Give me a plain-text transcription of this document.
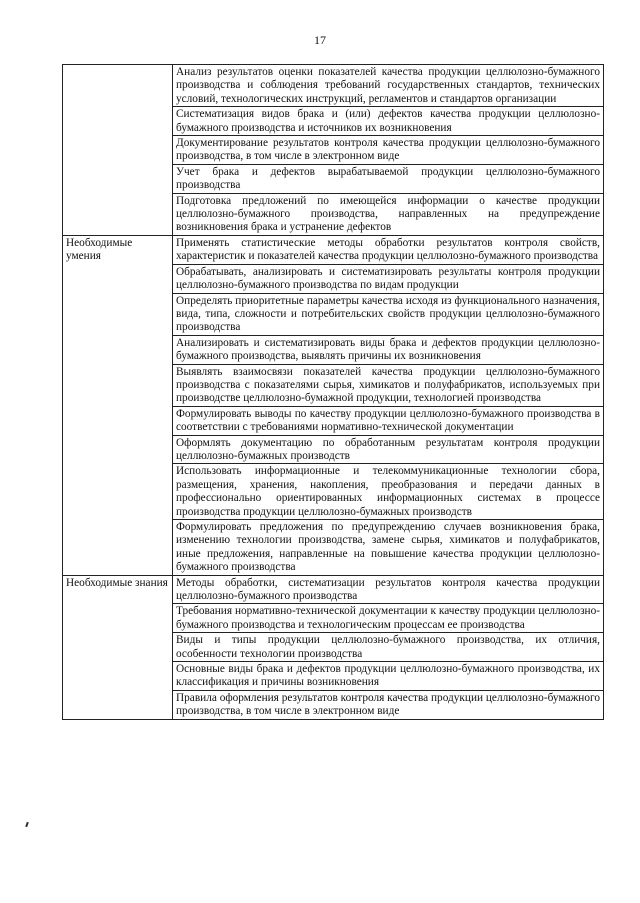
17
	Анализ результатов оценки показателей качества продукции целлюлозно-бумажного производства и соблюдения требований государственных стандартов, технических условий, технологических инструкций, регламентов и стандартов организации
	Систематизация видов брака и (или) дефектов качества продукции целлюлозно-бумажного производства и источников их возникновения
	Документирование результатов контроля качества продукции целлюлозно-бумажного производства, в том числе в электронном виде
	Учет брака и дефектов вырабатываемой продукции целлюлозно-бумажного производства
	Подготовка предложений по имеющейся информации о качестве продукции целлюлозно-бумажного производства, направленных на предупреждение возникновения брака и устранение дефектов
Необходимые умения	Применять статистические методы обработки результатов контроля свойств, характеристик и показателей качества продукции целлюлозно-бумажного производства
	Обрабатывать, анализировать и систематизировать результаты контроля продукции целлюлозно-бумажного производства по видам продукции
	Определять приоритетные параметры качества исходя из функционального назначения, вида, типа, сложности и потребительских свойств продукции целлюлозно-бумажного производства
	Анализировать и систематизировать виды брака и дефектов продукции целлюлозно-бумажного производства, выявлять причины их возникновения
	Выявлять взаимосвязи показателей качества продукции целлюлозно-бумажного производства с показателями сырья, химикатов и полуфабрикатов, используемых при производстве целлюлозно-бумажной продукции, технологией производства
	Формулировать выводы по качеству продукции целлюлозно-бумажного производства в соответствии с требованиями нормативно-технической документации
	Оформлять документацию по обработанным результатам контроля продукции целлюлозно-бумажных производств
	Использовать информационные и телекоммуникационные технологии сбора, размещения, хранения, накопления, преобразования и передачи данных в профессионально ориентированных информационных системах в процессе производства продукции целлюлозно-бумажных производств
	Формулировать предложения по предупреждению случаев возникновения брака, изменению технологии производства, замене сырья, химикатов и полуфабрикатов, иные предложения, направленные на повышение качества продукции целлюлозно-бумажного производства
Необходимые знания	Методы обработки, систематизации результатов контроля качества продукции целлюлозно-бумажного производства
	Требования нормативно-технической документации к качеству продукции целлюлозно-бумажного производства и технологическим процессам ее производства
	Виды и типы продукции целлюлозно-бумажного производства, их отличия, особенности технологии производства
	Основные виды брака и дефектов продукции целлюлозно-бумажного производства, их классификация и причины возникновения
	Правила оформления результатов контроля качества продукции целлюлозно-бумажного производства, в том числе в электронном виде
